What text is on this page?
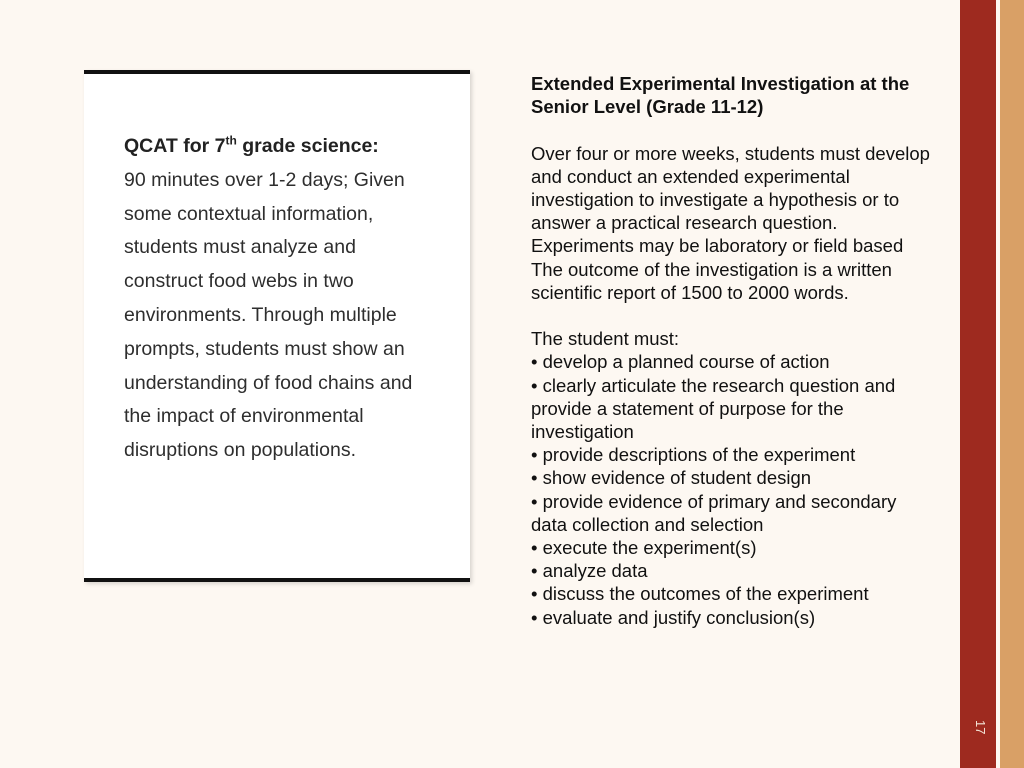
17
QCAT for 7th grade science:
90 minutes over 1-2 days; Given some contextual information, students must analyze and construct food webs in two environments. Through multiple prompts, students must show an understanding of food chains and the impact of environmental disruptions on populations.
Extended Experimental Investigation at the Senior Level (Grade 11-12)
Over four or more weeks, students must develop and conduct an extended experimental investigation to investigate a hypothesis or to answer a practical research question. Experiments may be laboratory or field based The outcome of the investigation is a written scientific report of 1500 to 2000 words.
The student must:
• develop a planned course of action
• clearly articulate the research question and provide a statement of purpose for the investigation
• provide descriptions of the experiment
• show evidence of student design
• provide evidence of primary and secondary data collection and selection
• execute the experiment(s)
• analyze data
• discuss the outcomes of the experiment
• evaluate and justify conclusion(s)
